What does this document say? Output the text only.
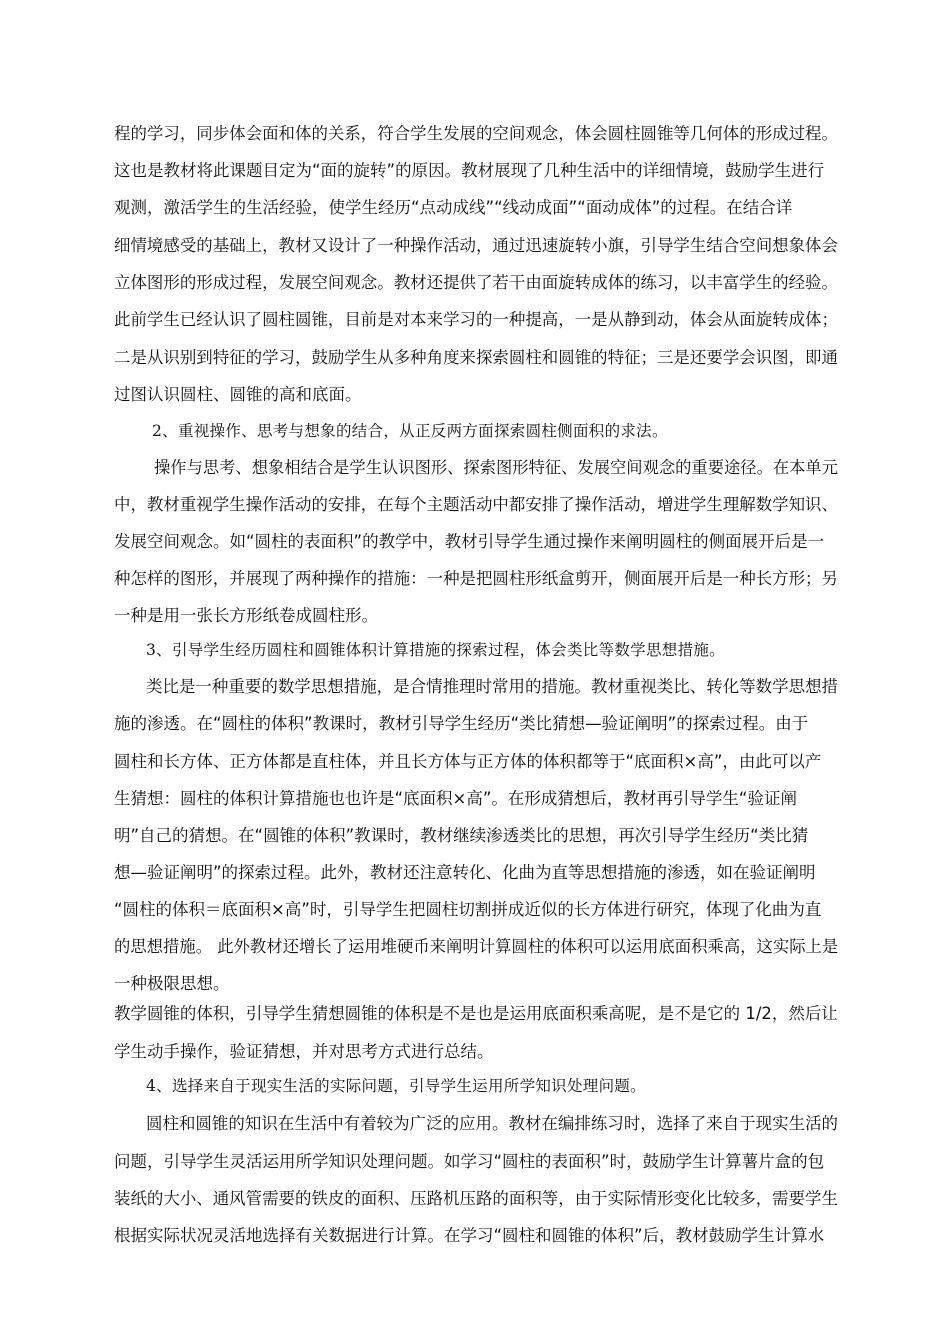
程的学习，同步体会面和体的关系，符合学生发展的空间观念，体会圆柱圆锥等几何体的形成过程。
这也是教材将此课题目定为“面的旋转”的原因。教材展现了几种生活中的详细情境，鼓励学生进行
观测，激活学生的生活经验，使学生经历“点动成线”“线动成面”“面动成体”的过程。在结合详
细情境感受的基础上，教材又设计了一种操作活动，通过迅速旋转小旗，引导学生结合空间想象体会
立体图形的形成过程，发展空间观念。教材还提供了若干由面旋转成体的练习，以丰富学生的经验。
此前学生已经认识了圆柱圆锥，目前是对本来学习的一种提高，一是从静到动，体会从面旋转成体；
二是从识别到特征的学习，鼓励学生从多种角度来探索圆柱和圆锥的特征；三是还要学会识图，即通
过图认识圆柱、圆锥的高和底面。
2、重视操作、思考与想象的结合，从正反两方面探索圆柱侧面积的求法。
操作与思考、想象相结合是学生认识图形、探索图形特征、发展空间观念的重要途径。在本单元
中，教材重视学生操作活动的安排，在每个主题活动中都安排了操作活动，增进学生理解数学知识、
发展空间观念。如“圆柱的表面积”的教学中，教材引导学生通过操作来阐明圆柱的侧面展开后是一
种怎样的图形，并展现了两种操作的措施：一种是把圆柱形纸盒剪开，侧面展开后是一种长方形；另
一种是用一张长方形纸卷成圆柱形。
3、引导学生经历圆柱和圆锥体积计算措施的探索过程，体会类比等数学思想措施。
类比是一种重要的数学思想措施，是合情推理时常用的措施。教材重视类比、转化等数学思想措
施的渗透。在“圆柱的体积”教课时，教材引导学生经历“类比猜想—验证阐明”的探索过程。由于
圆柱和长方体、正方体都是直柱体，并且长方体与正方体的体积都等于“底面积×高”，由此可以产
生猜想：圆柱的体积计算措施也也许是“底面积×高”。在形成猜想后，教材再引导学生“验证阐
明”自己的猜想。在“圆锥的体积”教课时，教材继续渗透类比的思想，再次引导学生经历“类比猜
想—验证阐明”的探索过程。此外，教材还注意转化、化曲为直等思想措施的渗透，如在验证阐明
“圆柱的体积＝底面积×高”时，引导学生把圆柱切割拼成近似的长方体进行研究，体现了化曲为直
的思想措施。 此外教材还增长了运用堆硬币来阐明计算圆柱的体积可以运用底面积乘高，这实际上是
一种极限思想。
教学圆锥的体积，引导学生猜想圆锥的体积是不是也是运用底面积乘高呢，是不是它的 1/2，然后让
学生动手操作，验证猜想，并对思考方式进行总结。
4、选择来自于现实生活的实际问题，引导学生运用所学知识处理问题。
圆柱和圆锥的知识在生活中有着较为广泛的应用。教材在编排练习时，选择了来自于现实生活的
问题，引导学生灵活运用所学知识处理问题。如学习“圆柱的表面积”时，鼓励学生计算薯片盒的包
装纸的大小、通风管需要的铁皮的面积、压路机压路的面积等，由于实际情形变化比较多，需要学生
根据实际状况灵活地选择有关数据进行计算。在学习“圆柱和圆锥的体积”后，教材鼓励学生计算水
